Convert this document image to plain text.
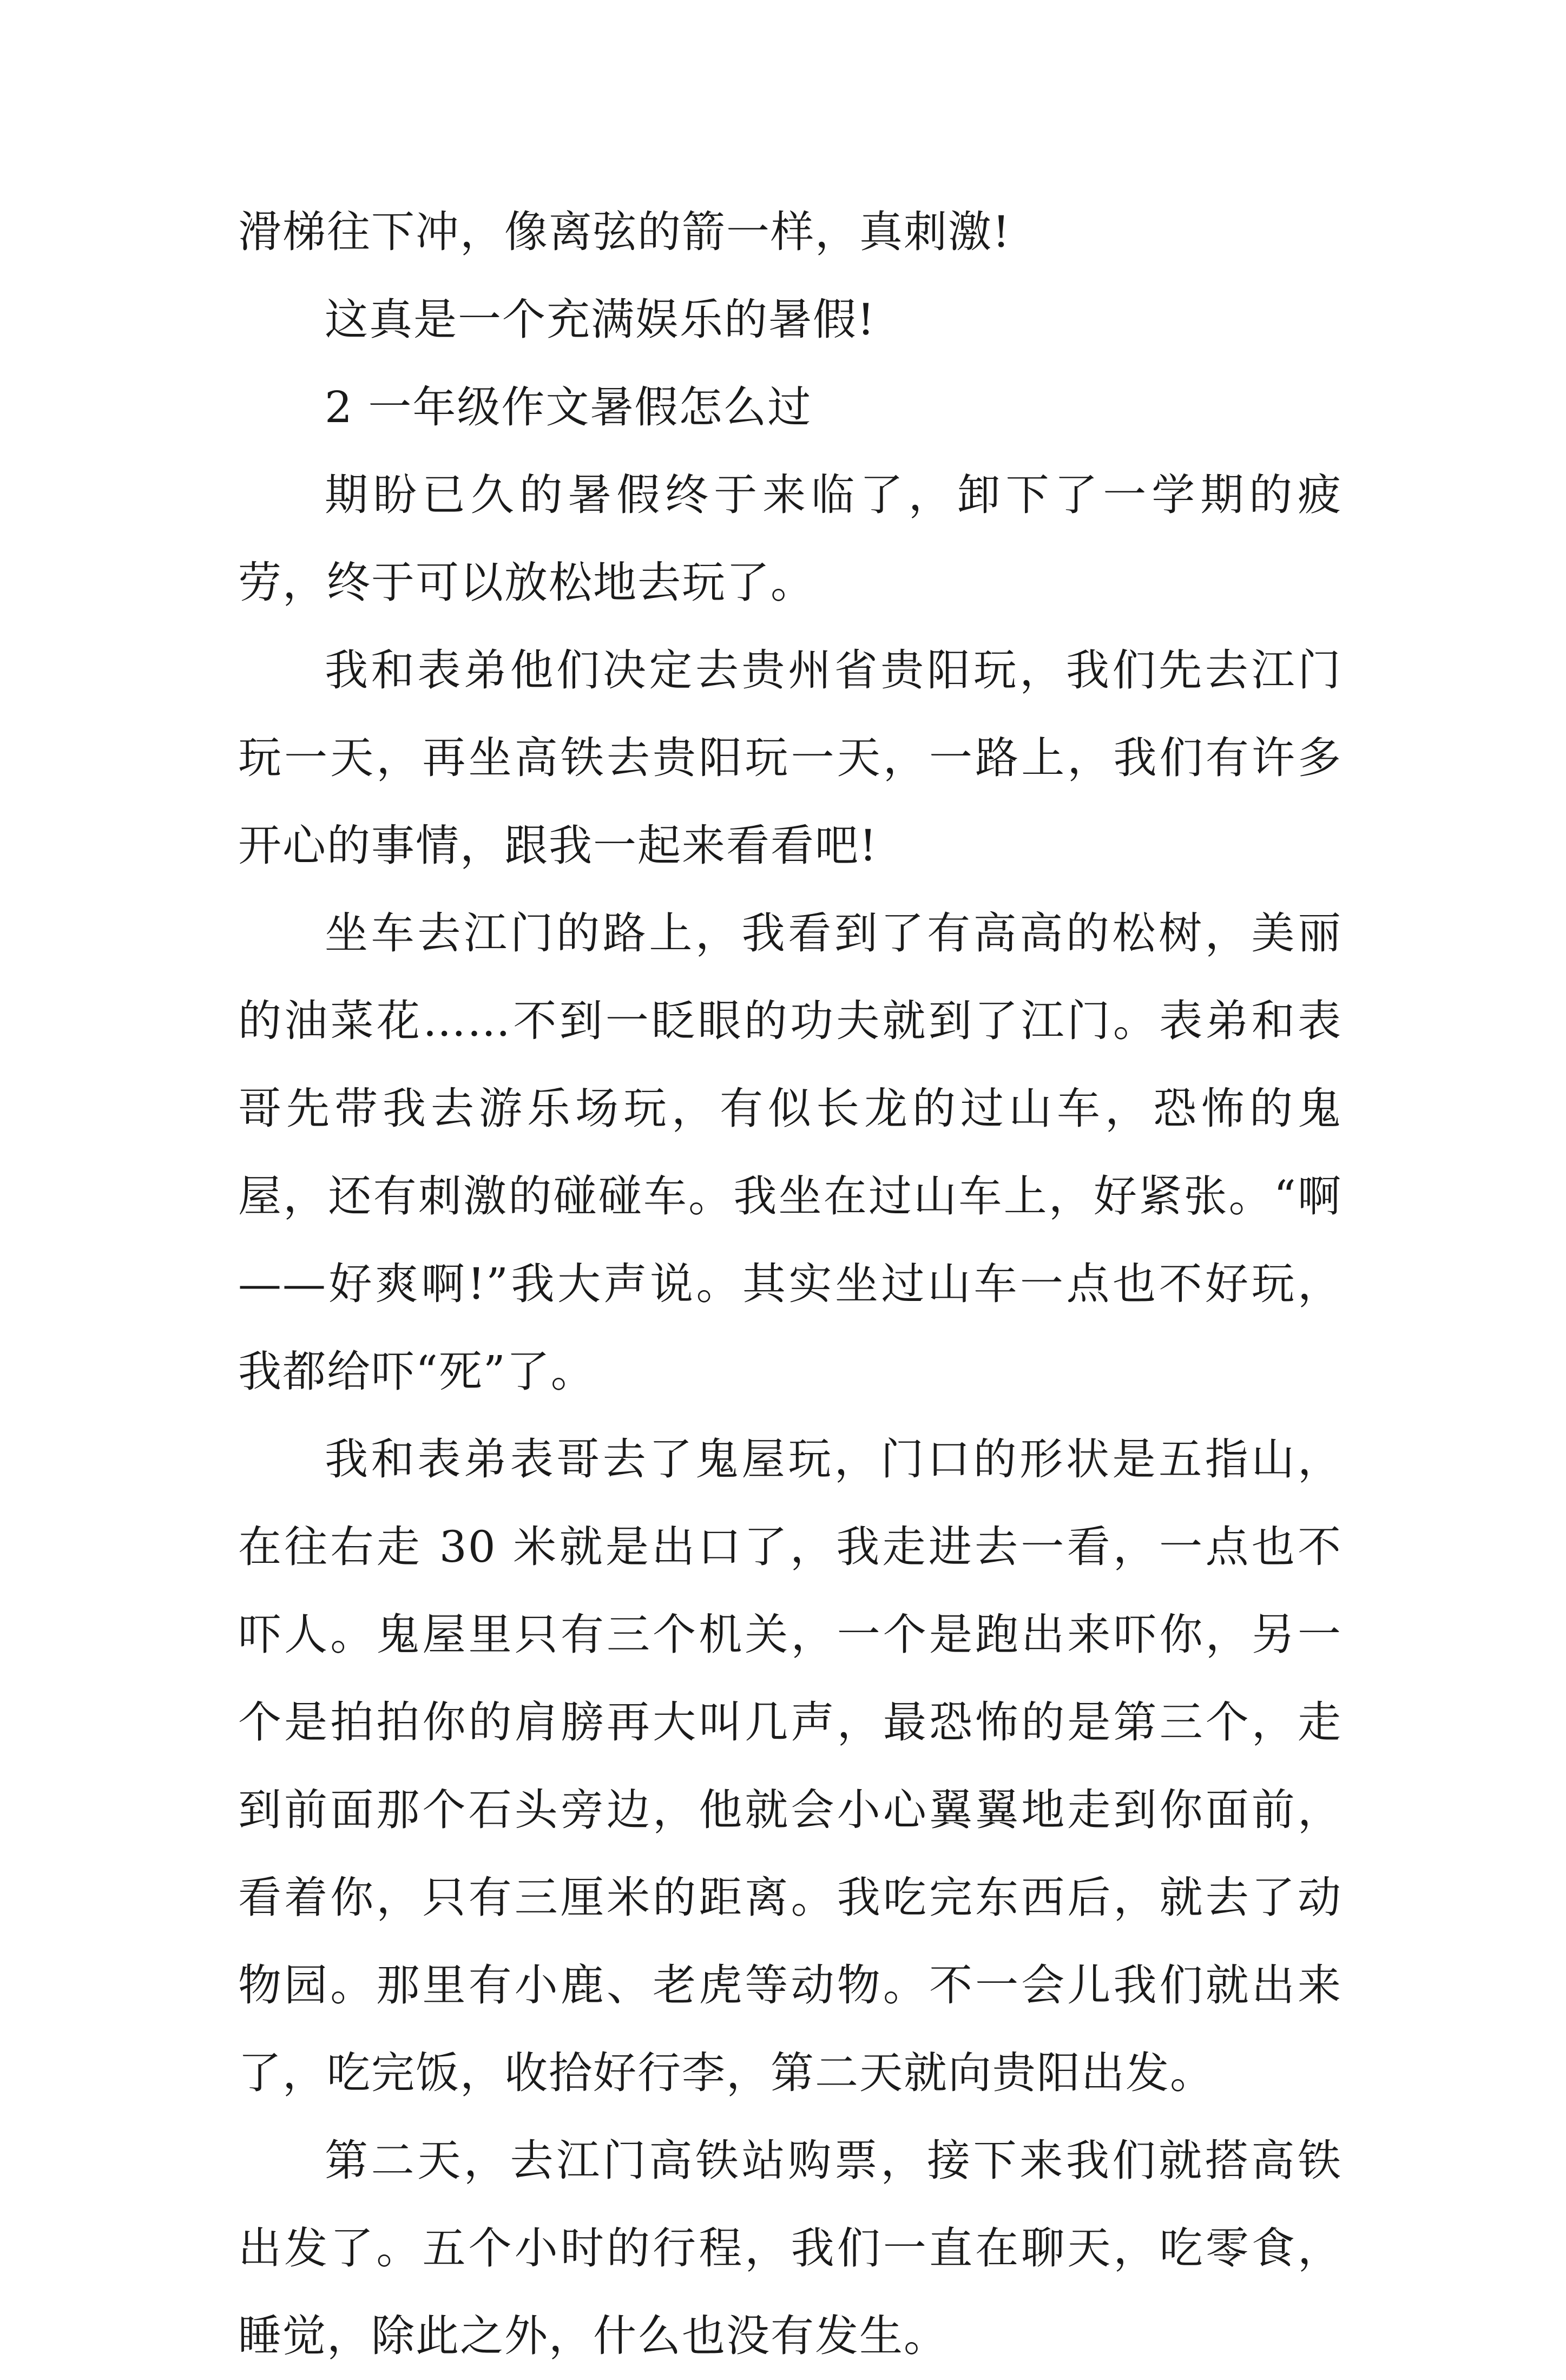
滑梯往下冲，像离弦的箭一样，真刺激!

这真是一个充满娱乐的暑假!

2 一年级作文暑假怎么过

期盼已久的暑假终于来临了，卸下了一学期的疲劳，终于可以放松地去玩了。

我和表弟他们决定去贵州省贵阳玩，我们先去江门玩一天，再坐高铁去贵阳玩一天，一路上，我们有许多开心的事情，跟我一起来看看吧!

坐车去江门的路上，我看到了有高高的松树，美丽的油菜花……不到一眨眼的功夫就到了江门。表弟和表哥先带我去游乐场玩，有似长龙的过山车，恐怖的鬼屋，还有刺激的碰碰车。我坐在过山车上，好紧张。“啊——好爽啊!”我大声说。其实坐过山车一点也不好玩，我都给吓“死”了。

我和表弟表哥去了鬼屋玩，门口的形状是五指山，在往右走 30 米就是出口了，我走进去一看，一点也不吓人。鬼屋里只有三个机关，一个是跑出来吓你，另一个是拍拍你的肩膀再大叫几声，最恐怖的是第三个，走到前面那个石头旁边，他就会小心翼翼地走到你面前，看着你，只有三厘米的距离。我吃完东西后，就去了动物园。那里有小鹿、老虎等动物。不一会儿我们就出来了，吃完饭，收拾好行李，第二天就向贵阳出发。

第二天，去江门高铁站购票，接下来我们就搭高铁出发了。五个小时的行程，我们一直在聊天，吃零食，睡觉，除此之外，什么也没有发生。
